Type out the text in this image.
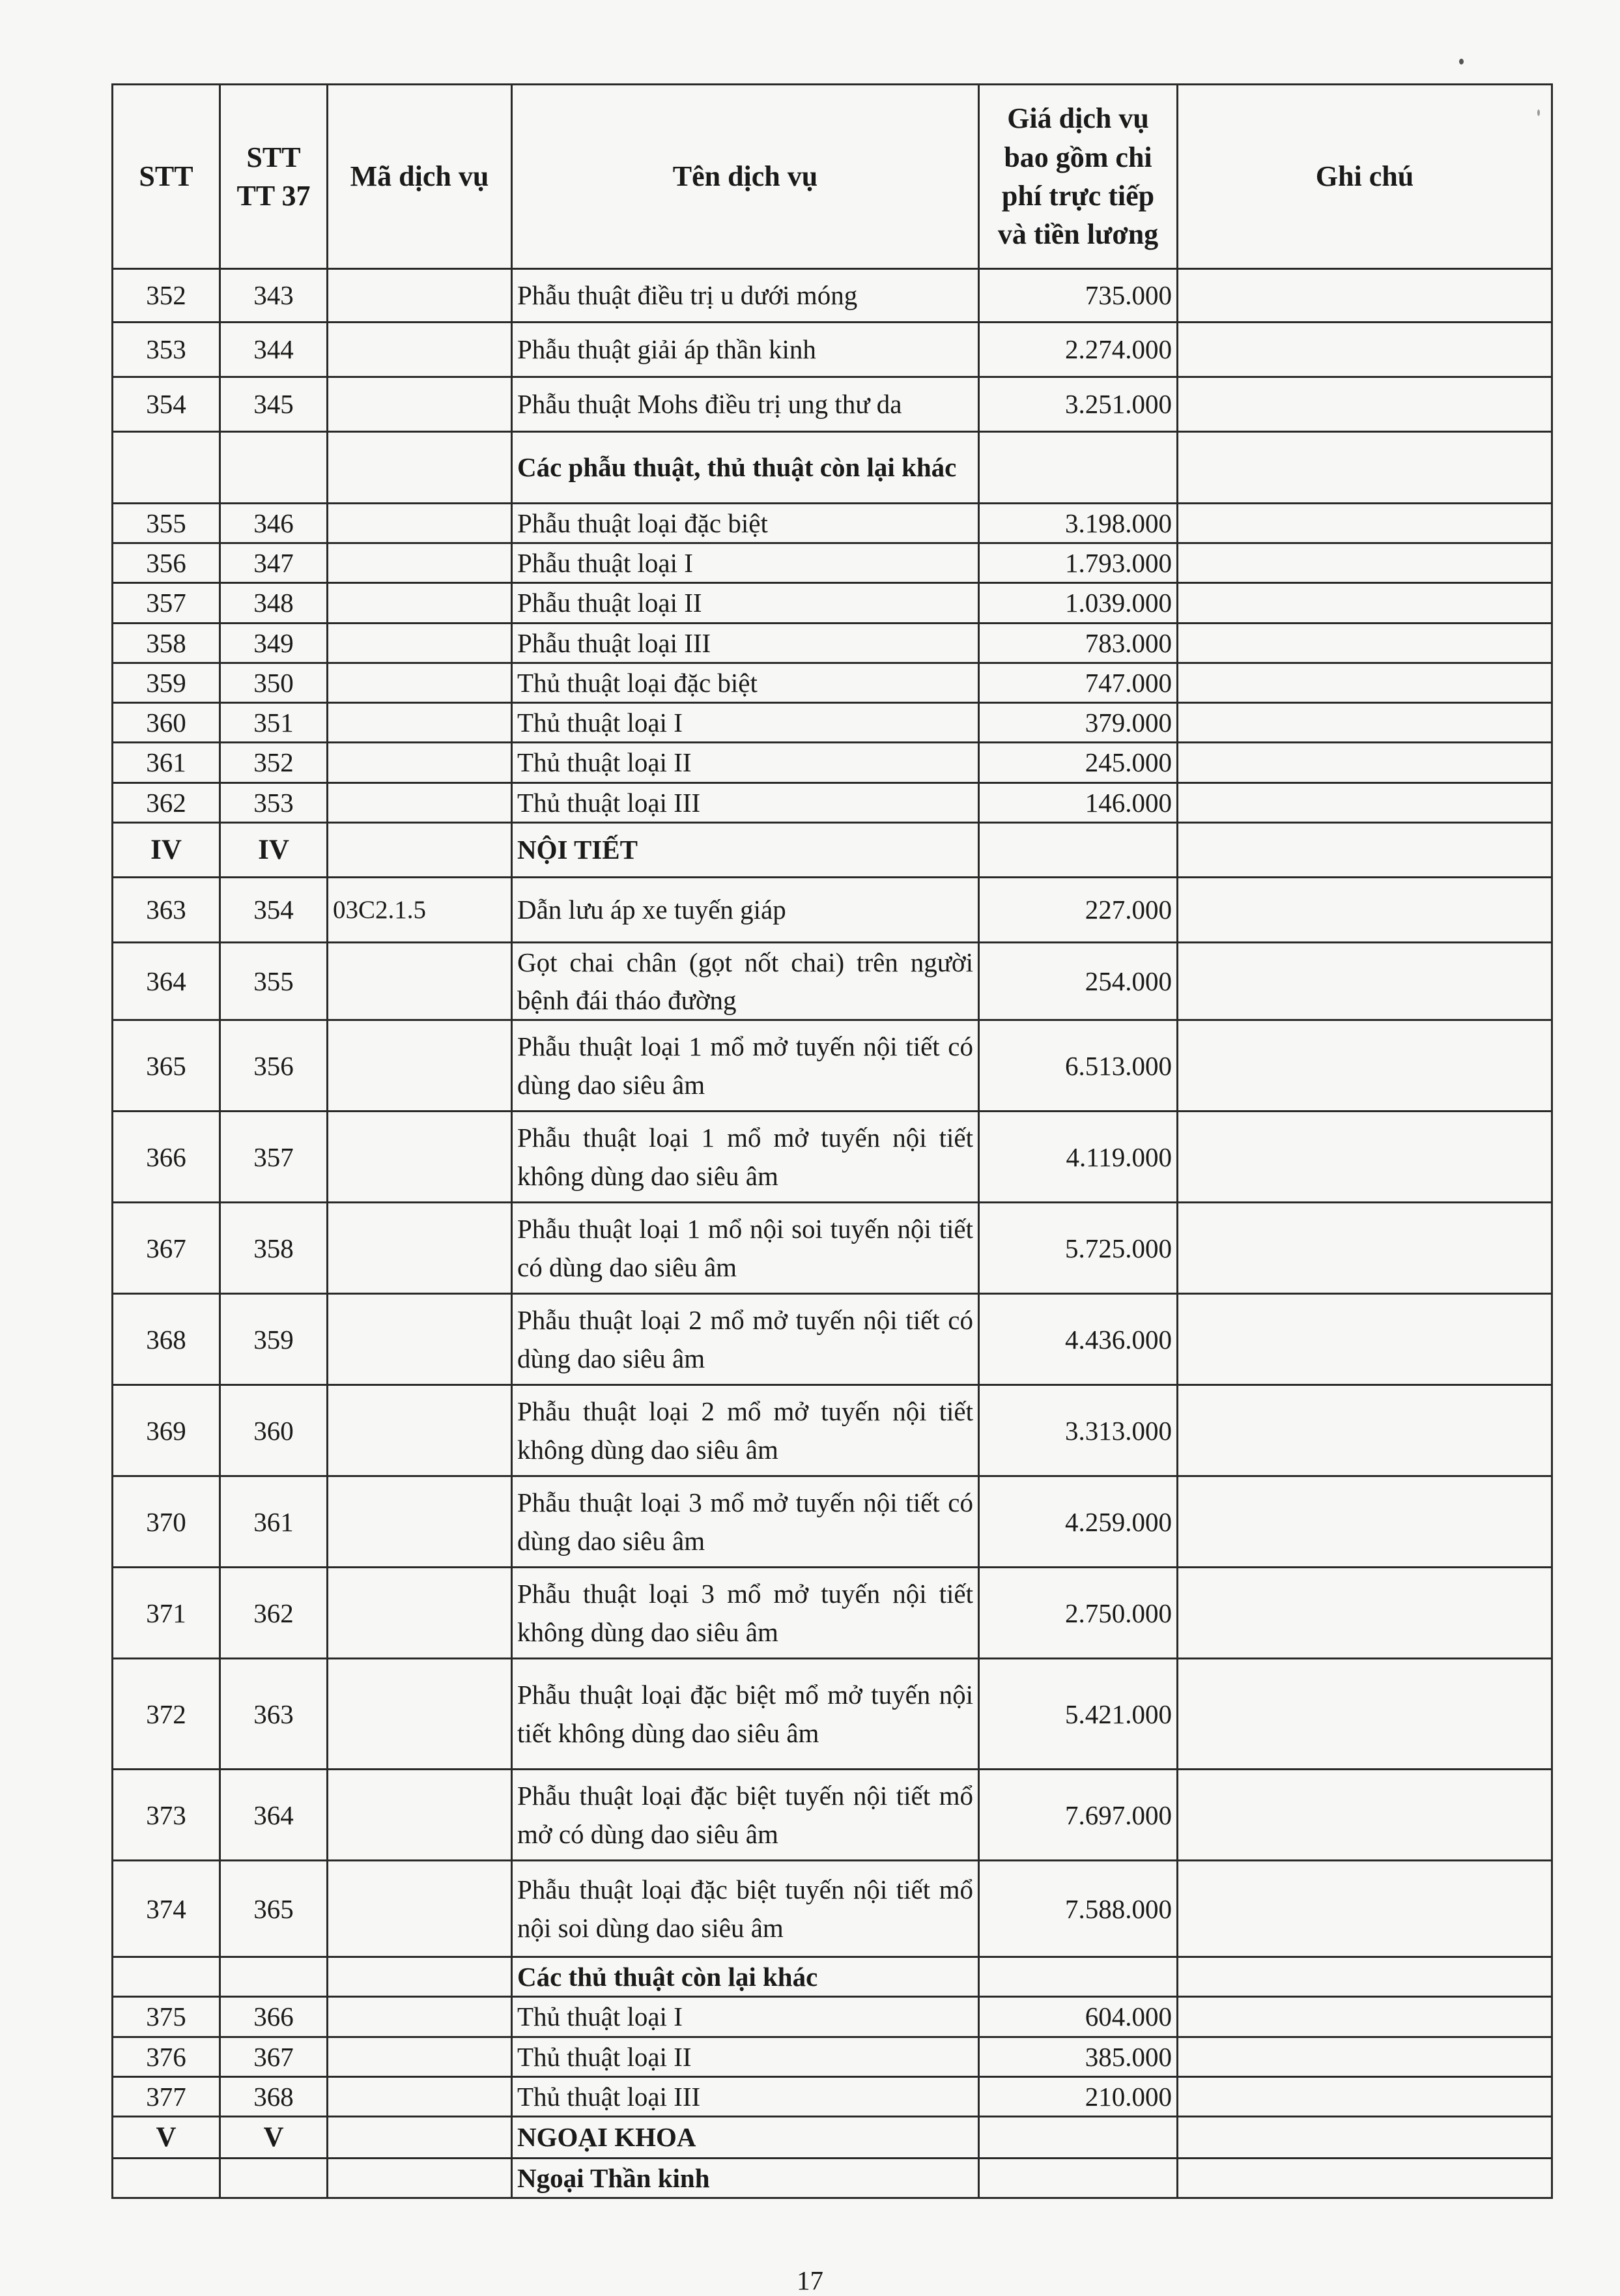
STT	STT TT 37	Mã dịch vụ	Tên dịch vụ	Giá dịch vụ bao gồm chi phí trực tiếp và tiền lương	Ghi chú
352	343		Phẫu thuật điều trị u dưới móng	735.000	
353	344		Phẫu thuật giải áp thần kinh	2.274.000	
354	345		Phẫu thuật Mohs điều trị ung thư da	3.251.000	
			Các phẫu thuật, thủ thuật còn lại khác		
355	346		Phẫu thuật loại đặc biệt	3.198.000	
356	347		Phẫu thuật loại I	1.793.000	
357	348		Phẫu thuật loại II	1.039.000	
358	349		Phẫu thuật loại III	783.000	
359	350		Thủ thuật loại đặc biệt	747.000	
360	351		Thủ thuật loại I	379.000	
361	352		Thủ thuật loại II	245.000	
362	353		Thủ thuật loại III	146.000	
IV	IV		NỘI TIẾT		
363	354	03C2.1.5	Dẫn lưu áp xe tuyến giáp	227.000	
364	355		Gọt chai chân (gọt nốt chai) trên người bệnh đái tháo đường	254.000	
365	356		Phẫu thuật loại 1 mổ mở tuyến nội tiết có dùng dao siêu âm	6.513.000	
366	357		Phẫu thuật loại 1 mổ mở tuyến nội tiết không dùng dao siêu âm	4.119.000	
367	358		Phẫu thuật loại 1 mổ nội soi tuyến nội tiết có dùng dao siêu âm	5.725.000	
368	359		Phẫu thuật loại 2 mổ mở tuyến nội tiết có dùng dao siêu âm	4.436.000	
369	360		Phẫu thuật loại 2 mổ mở tuyến nội tiết không dùng dao siêu âm	3.313.000	
370	361		Phẫu thuật loại 3 mổ mở tuyến nội tiết có dùng dao siêu âm	4.259.000	
371	362		Phẫu thuật loại 3 mổ mở tuyến nội tiết không dùng dao siêu âm	2.750.000	
372	363		Phẫu thuật loại đặc biệt mổ mở tuyến nội tiết không dùng dao siêu âm	5.421.000	
373	364		Phẫu thuật loại đặc biệt tuyến nội tiết mổ mở có dùng dao siêu âm	7.697.000	
374	365		Phẫu thuật loại đặc biệt tuyến nội tiết mổ nội soi dùng dao siêu âm	7.588.000	
			Các thủ thuật còn lại khác		
375	366		Thủ thuật loại I	604.000	
376	367		Thủ thuật loại II	385.000	
377	368		Thủ thuật loại III	210.000	
V	V		NGOẠI KHOA		
			Ngoại Thần kinh		
17
